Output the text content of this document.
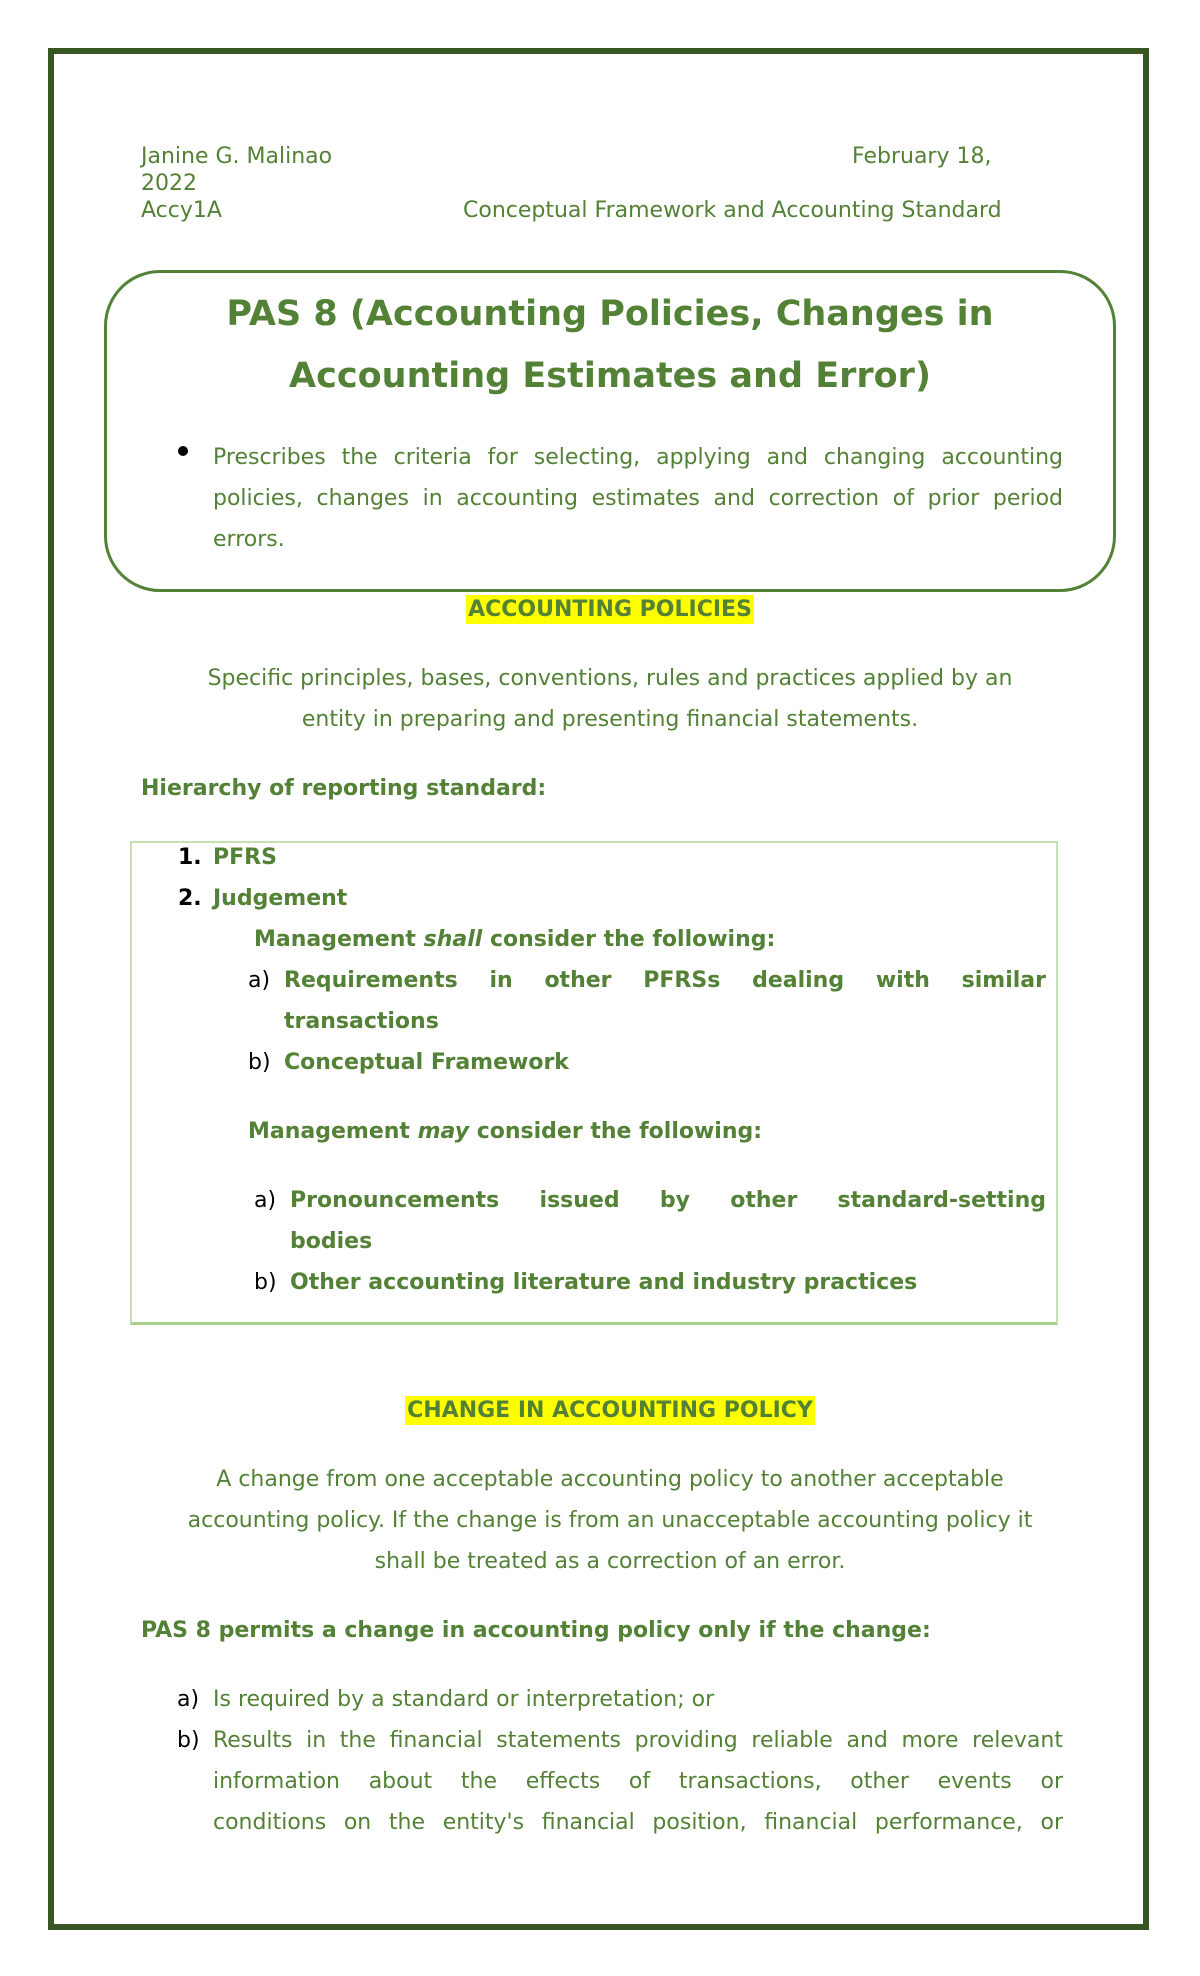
Janine G. Malinao	February 18,
2022
Accy1A	Conceptual Framework and Accounting Standard
PAS 8 (Accounting Policies, Changes in
Accounting Estimates and Error)
Prescribes the criteria for selecting, applying and changing accounting
policies, changes in accounting estimates and correction of prior period
errors.
ACCOUNTING POLICIES
Specific principles, bases, conventions, rules and practices applied by an
entity in preparing and presenting financial statements.
Hierarchy of reporting standard:
1. PFRS
2. Judgement
Management shall consider the following:
a) Requirements in other PFRSs dealing with similar
transactions
b) Conceptual Framework
Management may consider the following:
a) Pronouncements issued by other standard-setting
bodies
b) Other accounting literature and industry practices
CHANGE IN ACCOUNTING POLICY
A change from one acceptable accounting policy to another acceptable
accounting policy. If the change is from an unacceptable accounting policy it
shall be treated as a correction of an error.
PAS 8 permits a change in accounting policy only if the change:
a) Is required by a standard or interpretation; or
b) Results in the financial statements providing reliable and more relevant
information about the effects of transactions, other events or
conditions on the entity's financial position, financial performance, or
